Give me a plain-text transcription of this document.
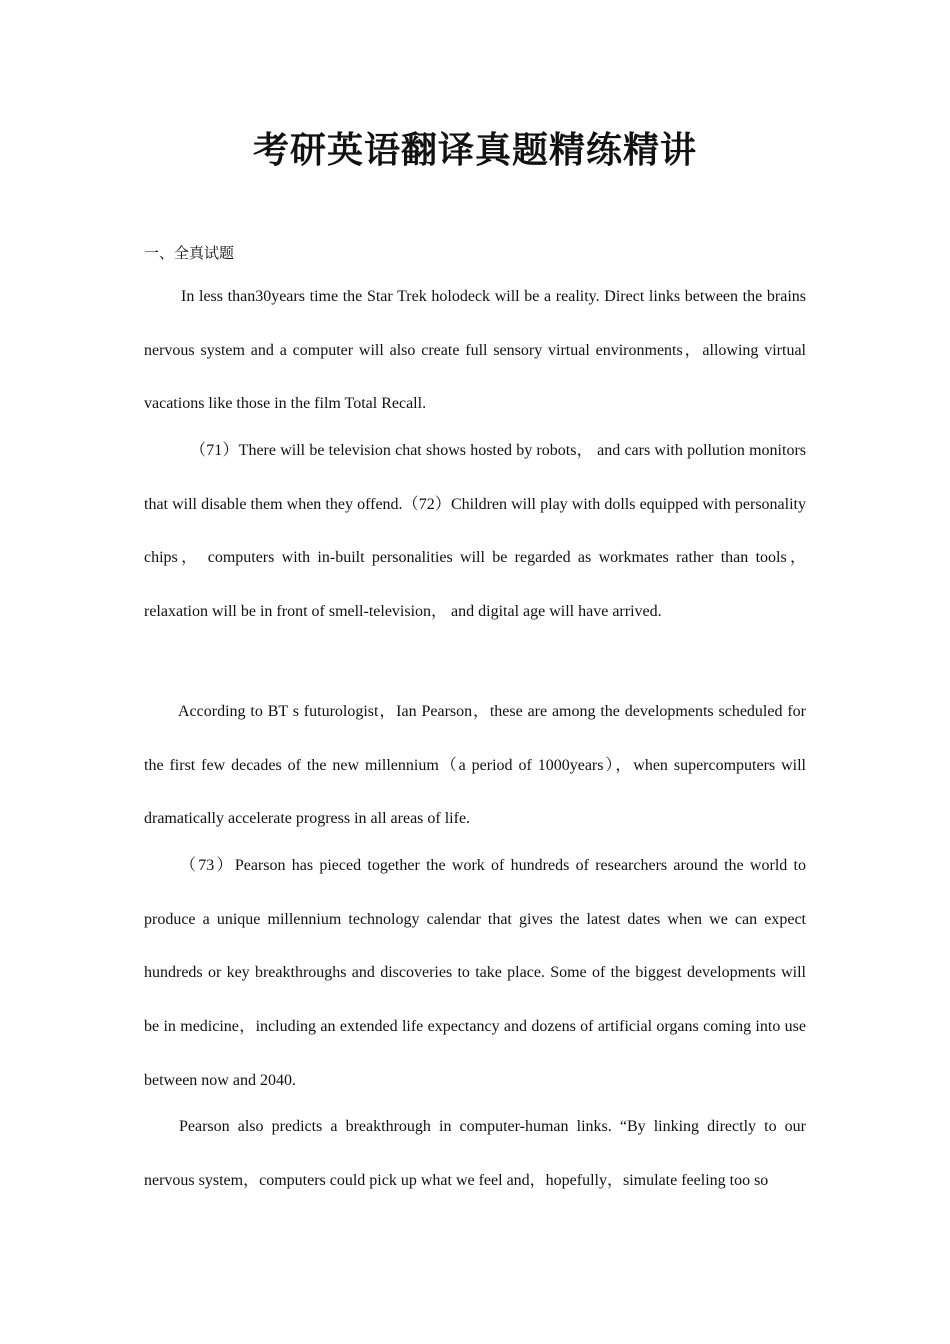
考研英语翻译真题精练精讲
一、全真试题

In less than30years time the Star Trek holodeck will be a reality. Direct links between the brains nervous system and a computer will also create full sensory virtual environments，allowing virtual vacations like those in the film Total Recall.

（71）There will be television chat shows hosted by robots， and cars with pollution monitors that will disable them when they offend.（72）Children will play with dolls equipped with personality chips， computers with in-built personalities will be regarded as workmates rather than tools， relaxation will be in front of smell-television， and digital age will have arrived.

According to BT s futurologist，Ian Pearson，these are among the developments scheduled for the first few decades of the new millennium（a period of 1000years），when supercomputers will dramatically accelerate progress in all areas of life.

（73）Pearson has pieced together the work of hundreds of researchers around the world to produce a unique millennium technology calendar that gives the latest dates when we can expect hundreds or key breakthroughs and discoveries to take place. Some of the biggest developments will be in medicine，including an extended life expectancy and dozens of artificial organs coming into use between now and 2040.

Pearson also predicts a breakthrough in computer-human links. “By linking directly to our nervous system，computers could pick up what we feel and，hopefully，simulate feeling too so
